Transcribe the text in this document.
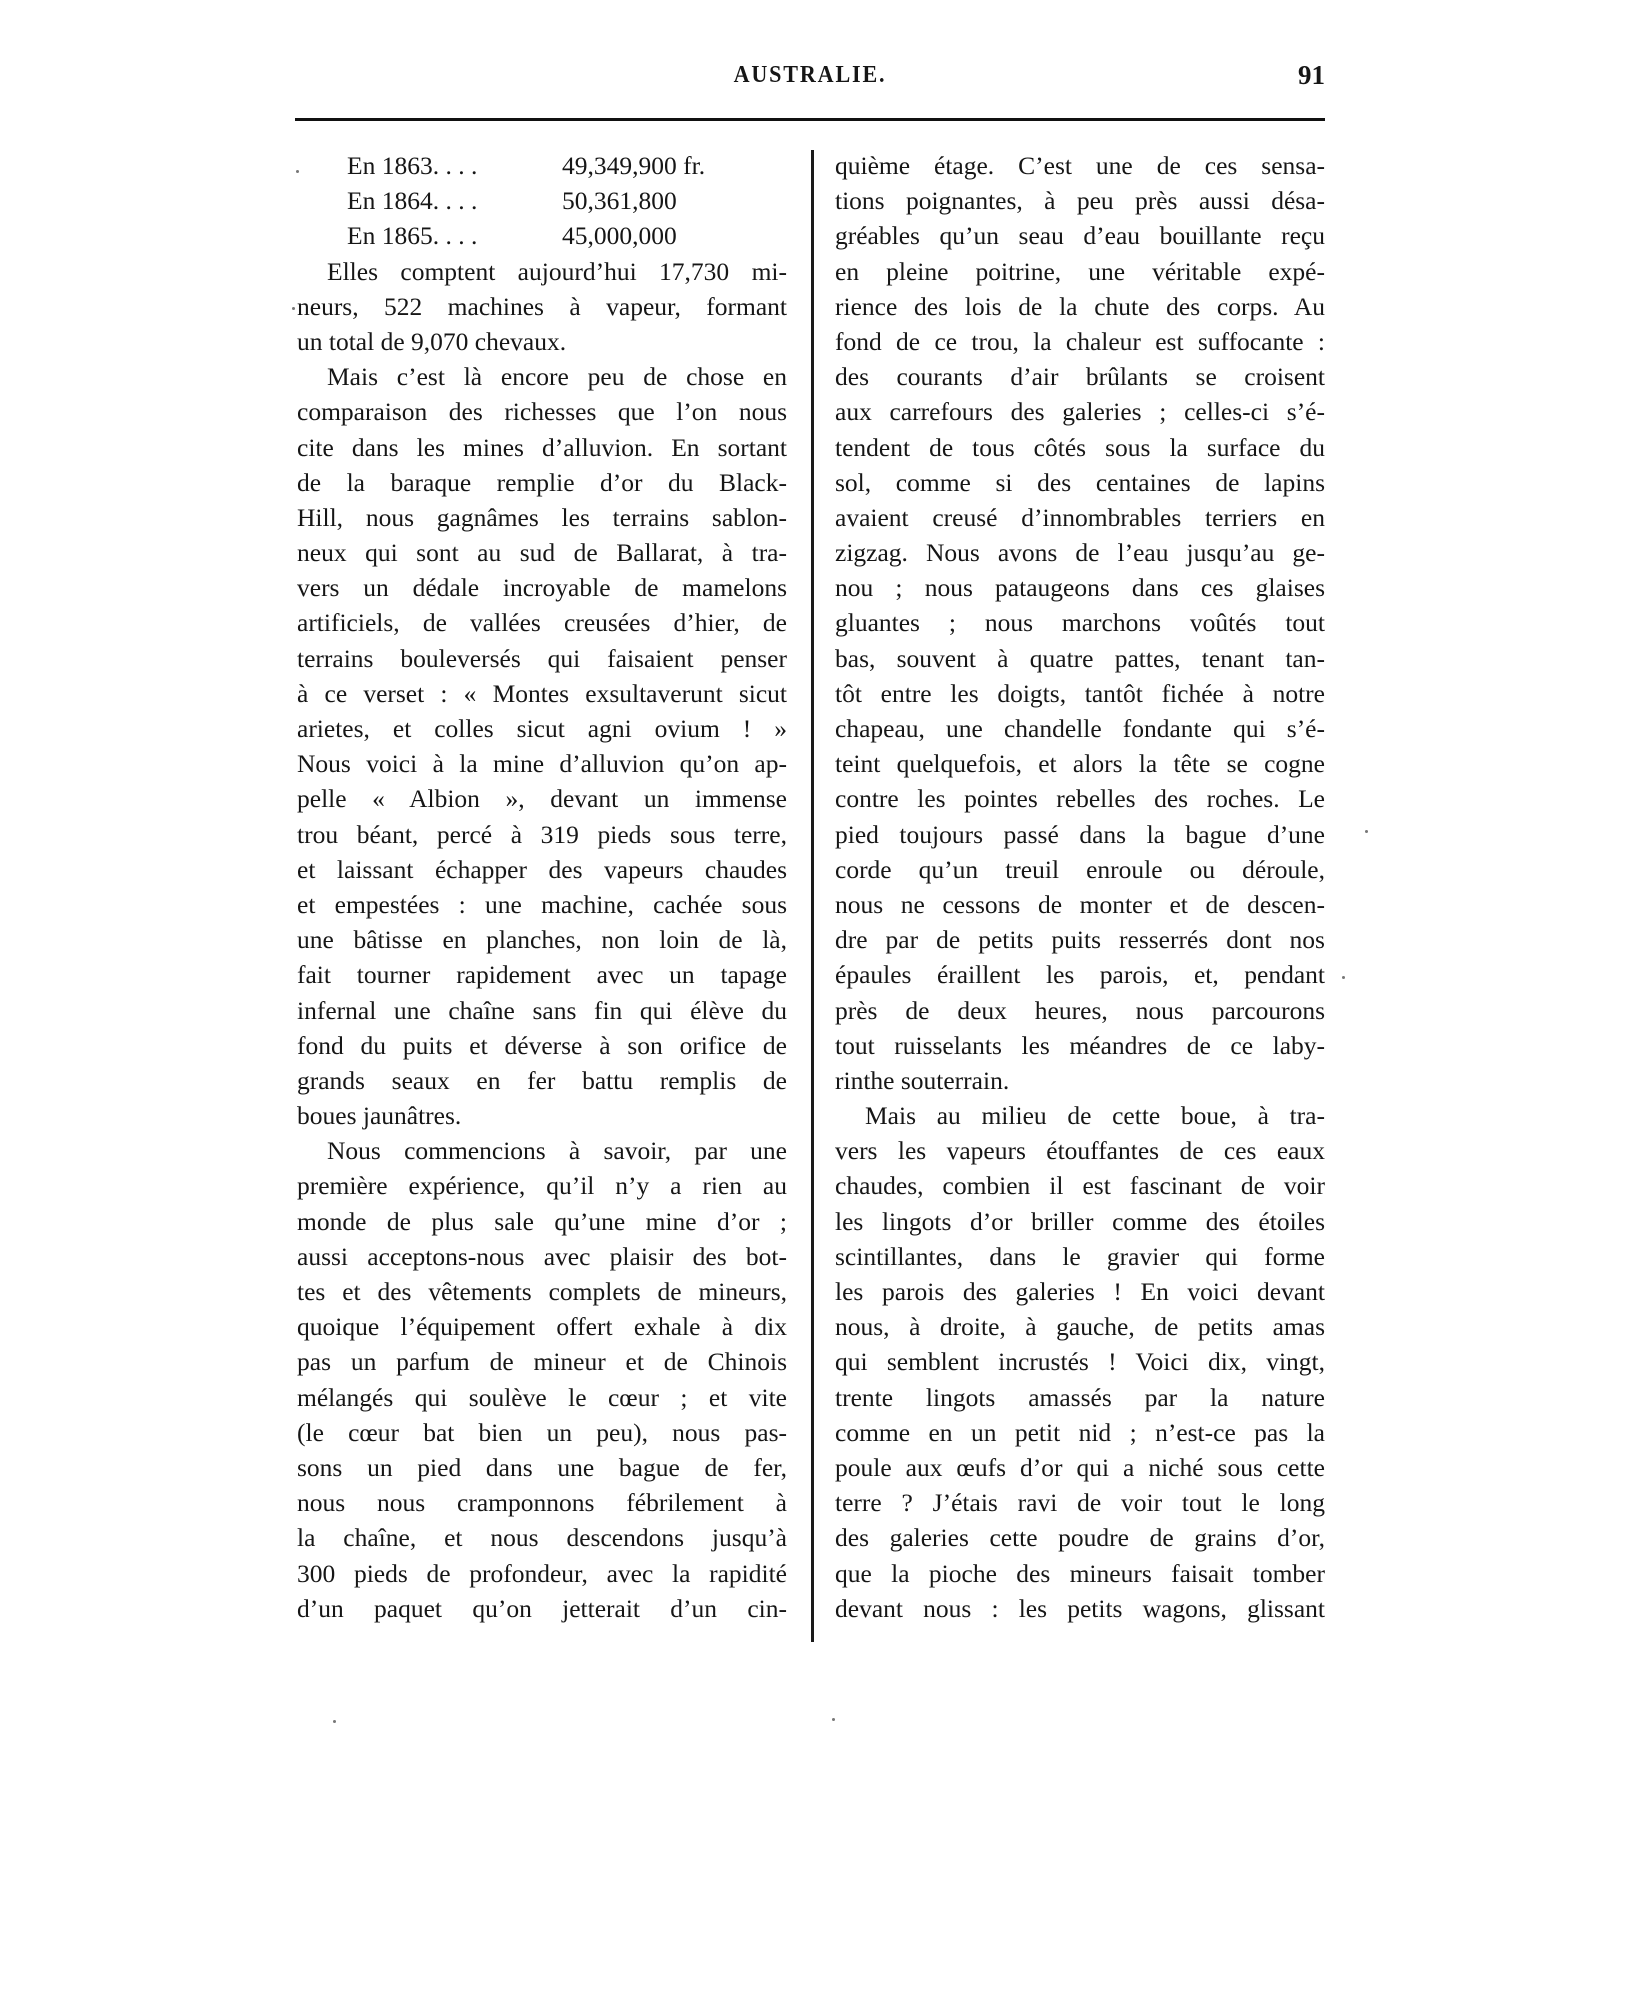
AUSTRALIE.	91
En 1863. . . .	49,349,900 fr.
En 1864. . . .	50,361,800
En 1865. . . .	45,000,000
Elles comptent aujourd’hui 17,730 mi-
neurs, 522 machines à vapeur, formant
un total de 9,070 chevaux.
Mais c’est là encore peu de chose en
comparaison des richesses que l’on nous
cite dans les mines d’alluvion. En sortant
de la baraque remplie d’or du Black-
Hill, nous gagnâmes les terrains sablon-
neux qui sont au sud de Ballarat, à tra-
vers un dédale incroyable de mamelons
artificiels, de vallées creusées d’hier, de
terrains bouleversés qui faisaient penser
à ce verset : « Montes exsultaverunt sicut
arietes, et colles sicut agni ovium ! »
Nous voici à la mine d’alluvion qu’on ap-
pelle « Albion », devant un immense
trou béant, percé à 319 pieds sous terre,
et laissant échapper des vapeurs chaudes
et empestées : une machine, cachée sous
une bâtisse en planches, non loin de là,
fait tourner rapidement avec un tapage
infernal une chaîne sans fin qui élève du
fond du puits et déverse à son orifice de
grands seaux en fer battu remplis de
boues jaunâtres.
Nous commencions à savoir, par une
première expérience, qu’il n’y a rien au
monde de plus sale qu’une mine d’or ;
aussi acceptons-nous avec plaisir des bot-
tes et des vêtements complets de mineurs,
quoique l’équipement offert exhale à dix
pas un parfum de mineur et de Chinois
mélangés qui soulève le cœur ; et vite
(le cœur bat bien un peu), nous pas-
sons un pied dans une bague de fer,
nous nous cramponnons fébrilement à
la chaîne, et nous descendons jusqu’à
300 pieds de profondeur, avec la rapidité
d’un paquet qu’on jetterait d’un cin-
quième étage. C’est une de ces sensa-
tions poignantes, à peu près aussi désa-
gréables qu’un seau d’eau bouillante reçu
en pleine poitrine, une véritable expé-
rience des lois de la chute des corps. Au
fond de ce trou, la chaleur est suffocante :
des courants d’air brûlants se croisent
aux carrefours des galeries ; celles-ci s’é-
tendent de tous côtés sous la surface du
sol, comme si des centaines de lapins
avaient creusé d’innombrables terriers en
zigzag. Nous avons de l’eau jusqu’au ge-
nou ; nous pataugeons dans ces glaises
gluantes ; nous marchons voûtés tout
bas, souvent à quatre pattes, tenant tan-
tôt entre les doigts, tantôt fichée à notre
chapeau, une chandelle fondante qui s’é-
teint quelquefois, et alors la tête se cogne
contre les pointes rebelles des roches. Le
pied toujours passé dans la bague d’une
corde qu’un treuil enroule ou déroule,
nous ne cessons de monter et de descen-
dre par de petits puits resserrés dont nos
épaules éraillent les parois, et, pendant
près de deux heures, nous parcourons
tout ruisselants les méandres de ce laby-
rinthe souterrain.
Mais au milieu de cette boue, à tra-
vers les vapeurs étouffantes de ces eaux
chaudes, combien il est fascinant de voir
les lingots d’or briller comme des étoiles
scintillantes, dans le gravier qui forme
les parois des galeries ! En voici devant
nous, à droite, à gauche, de petits amas
qui semblent incrustés ! Voici dix, vingt,
trente lingots amassés par la nature
comme en un petit nid ; n’est-ce pas la
poule aux œufs d’or qui a niché sous cette
terre ? J’étais ravi de voir tout le long
des galeries cette poudre de grains d’or,
que la pioche des mineurs faisait tomber
devant nous : les petits wagons, glissant
